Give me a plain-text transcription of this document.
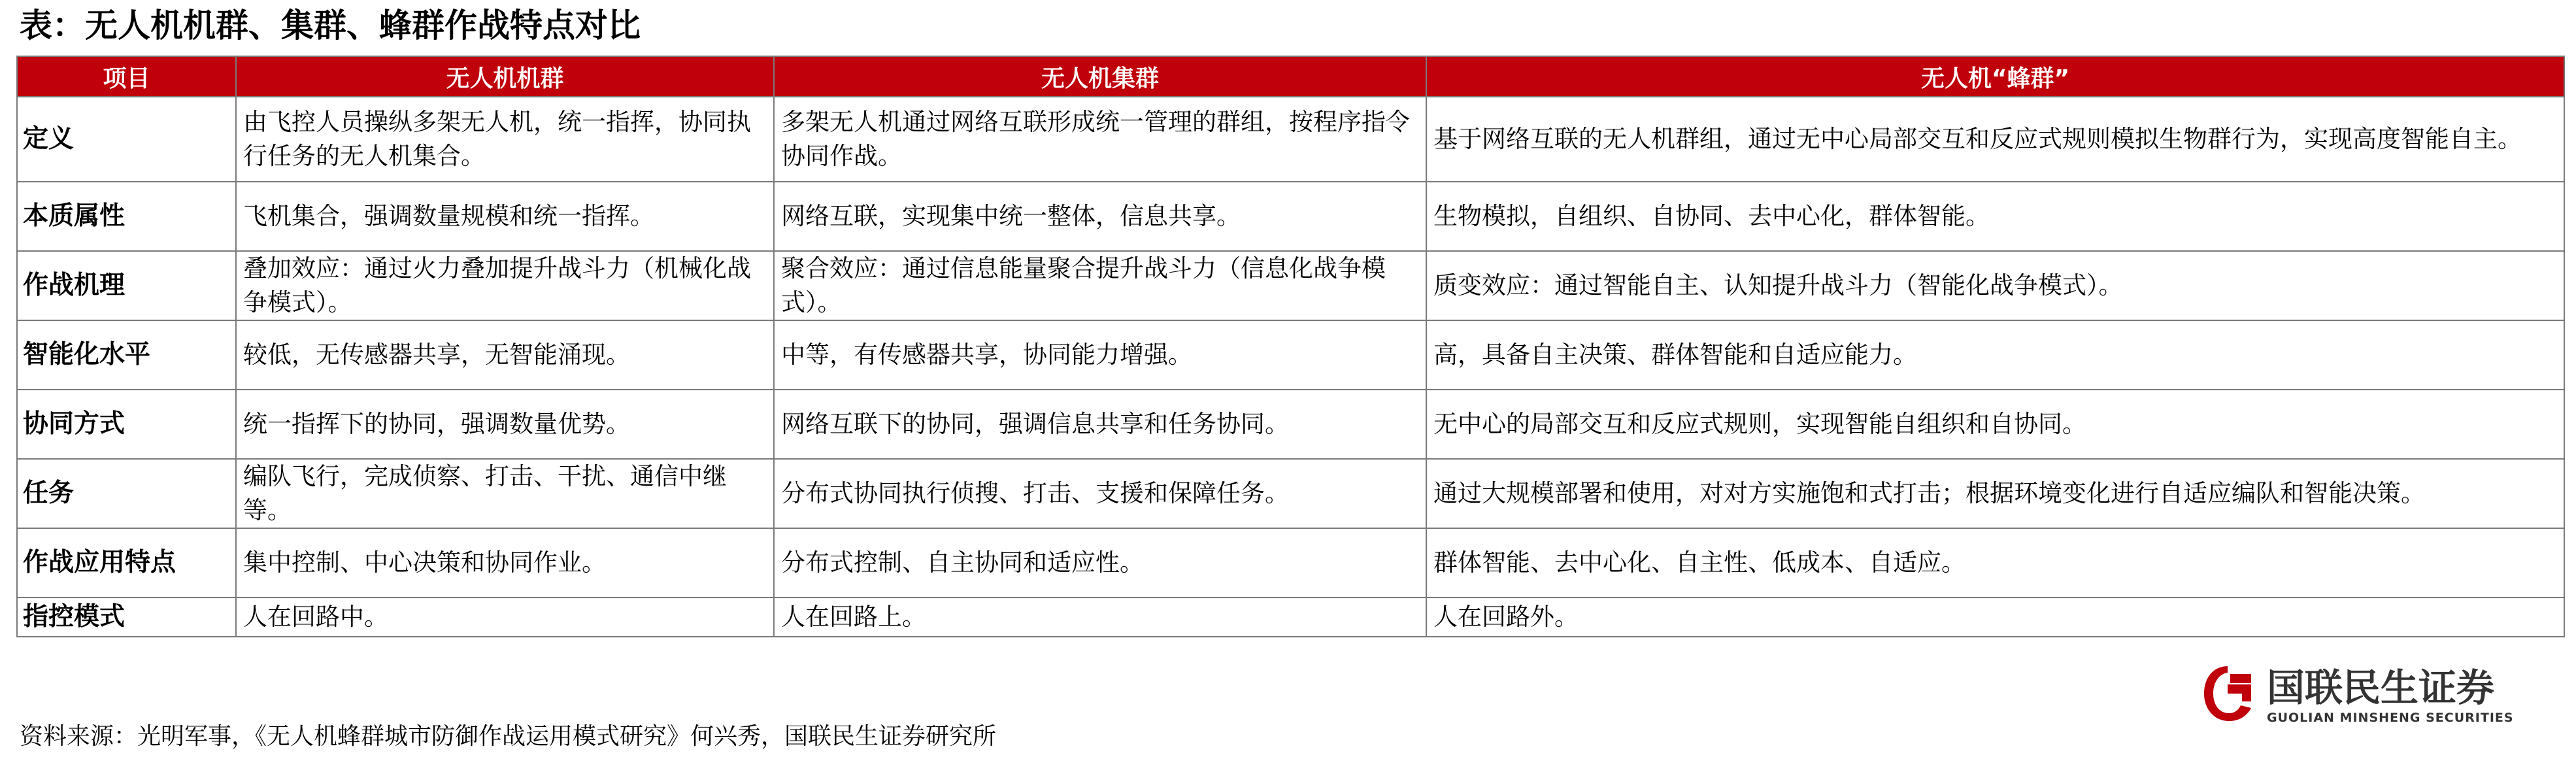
表：无人机机群、集群、蜂群作战特点对比
项目	无人机机群	无人机集群	无人机“蜂群”
定义	由飞控人员操纵多架无人机，统一指挥，协同执行任务的无人机集合。	多架无人机通过网络互联形成统一管理的群组，按程序指令协同作战。	基于网络互联的无人机群组，通过无中心局部交互和反应式规则模拟生物群行为，实现高度智能自主。
本质属性	飞机集合，强调数量规模和统一指挥。	网络互联，实现集中统一整体，信息共享。	生物模拟，自组织、自协同、去中心化，群体智能。
作战机理	叠加效应：通过火力叠加提升战斗力（机械化战争模式）。	聚合效应：通过信息能量聚合提升战斗力（信息化战争模式）。	质变效应：通过智能自主、认知提升战斗力（智能化战争模式）。
智能化水平	较低，无传感器共享，无智能涌现。	中等，有传感器共享，协同能力增强。	高，具备自主决策、群体智能和自适应能力。
协同方式	统一指挥下的协同，强调数量优势。	网络互联下的协同，强调信息共享和任务协同。	无中心的局部交互和反应式规则，实现智能自组织和自协同。
任务	编队飞行，完成侦察、打击、干扰、通信中继等。	分布式协同执行侦搜、打击、支援和保障任务。	通过大规模部署和使用，对对方实施饱和式打击；根据环境变化进行自适应编队和智能决策。
作战应用特点	集中控制、中心决策和协同作业。	分布式控制、自主协同和适应性。	群体智能、去中心化、自主性、低成本、自适应。
指控模式	人在回路中。	人在回路上。	人在回路外。
国联民生证券
GUOLIAN MINSHENG SECURITIES
资料来源：光明军事，《无人机蜂群城市防御作战运用模式研究》何兴秀，国联民生证券研究所
